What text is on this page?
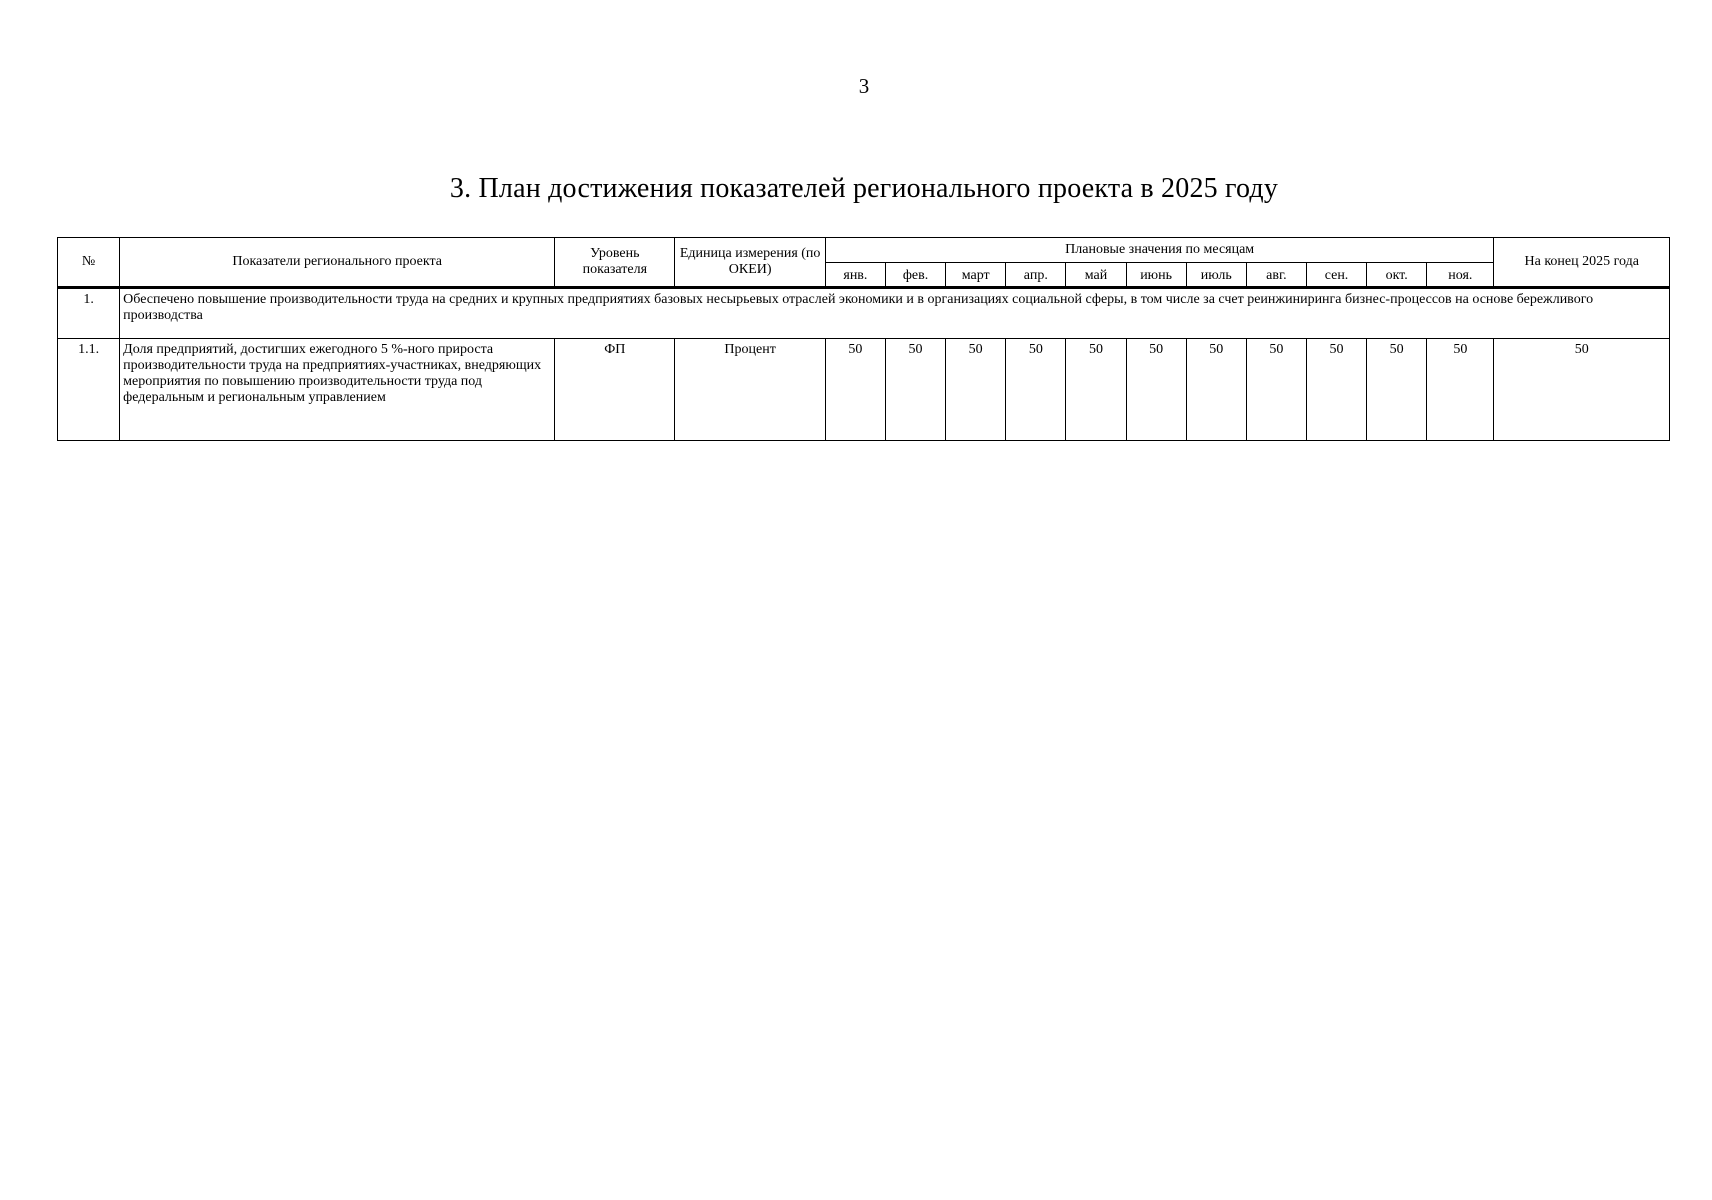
3
3. План достижения показателей регионального проекта в 2025 году
№	Показатели регионального проекта	Уровень показателя	Единица измерения (по ОКЕИ)	Плановые значения по месяцам											На конец 2025 года
				янв.	фев.	март	апр.	май	июнь	июль	авг.	сен.	окт.	ноя.	
1.	Обеспечено повышение производительности труда на средних и крупных предприятиях базовых несырьевых отраслей экономики и в организациях социальной сферы, в том числе за счет реинжиниринга бизнес-процессов на основе бережливого производства														
1.1.	Доля предприятий, достигших ежегодного 5 %-ного прироста производительности труда на предприятиях-участниках, внедряющих мероприятия по повышению производительности труда под федеральным и региональным управлением	ФП	Процент	50	50	50	50	50	50	50	50	50	50	50	50
